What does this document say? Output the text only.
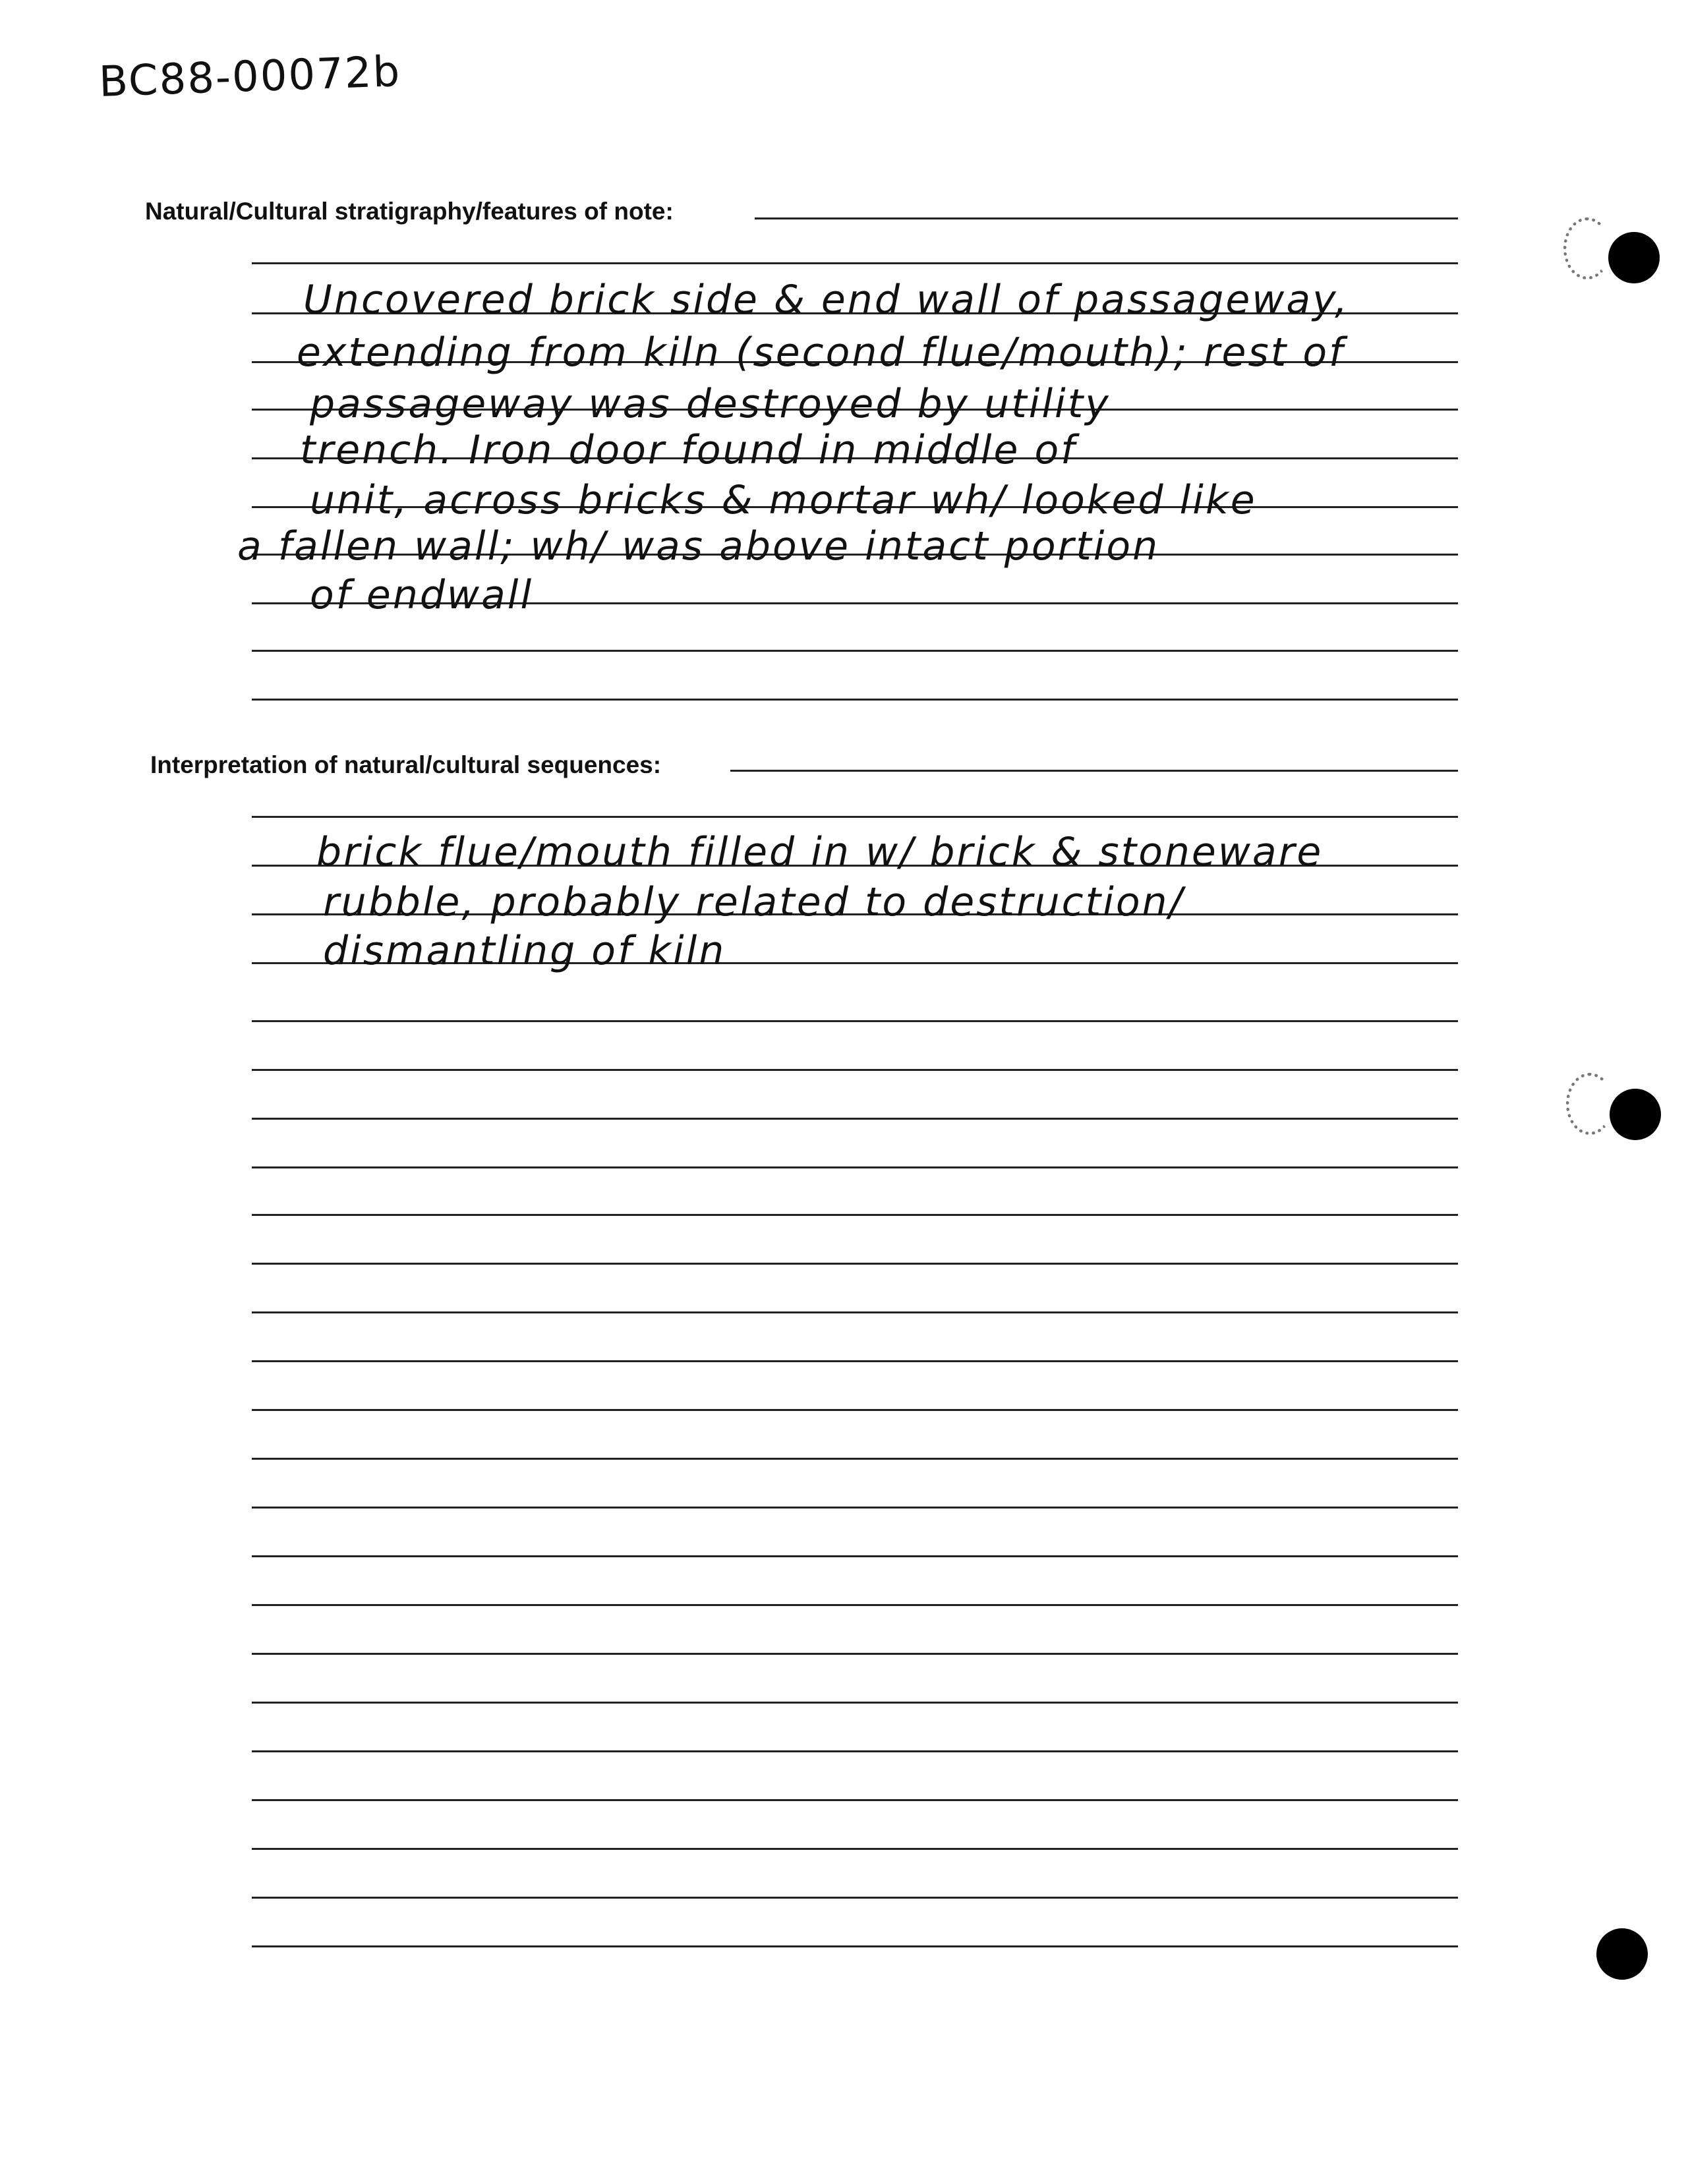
BC88-00072b
Natural/Cultural stratigraphy/features of note:
Uncovered brick side & end wall of passageway,
extending from kiln (second flue/mouth); rest of
passageway was destroyed by utility
trench. Iron door found in middle of
unit, across bricks & mortar wh/ looked like
a fallen wall; wh/ was above intact portion
of endwall
Interpretation of natural/cultural sequences:
brick flue/mouth filled in w/ brick & stoneware
rubble, probably related to destruction/
dismantling of kiln
